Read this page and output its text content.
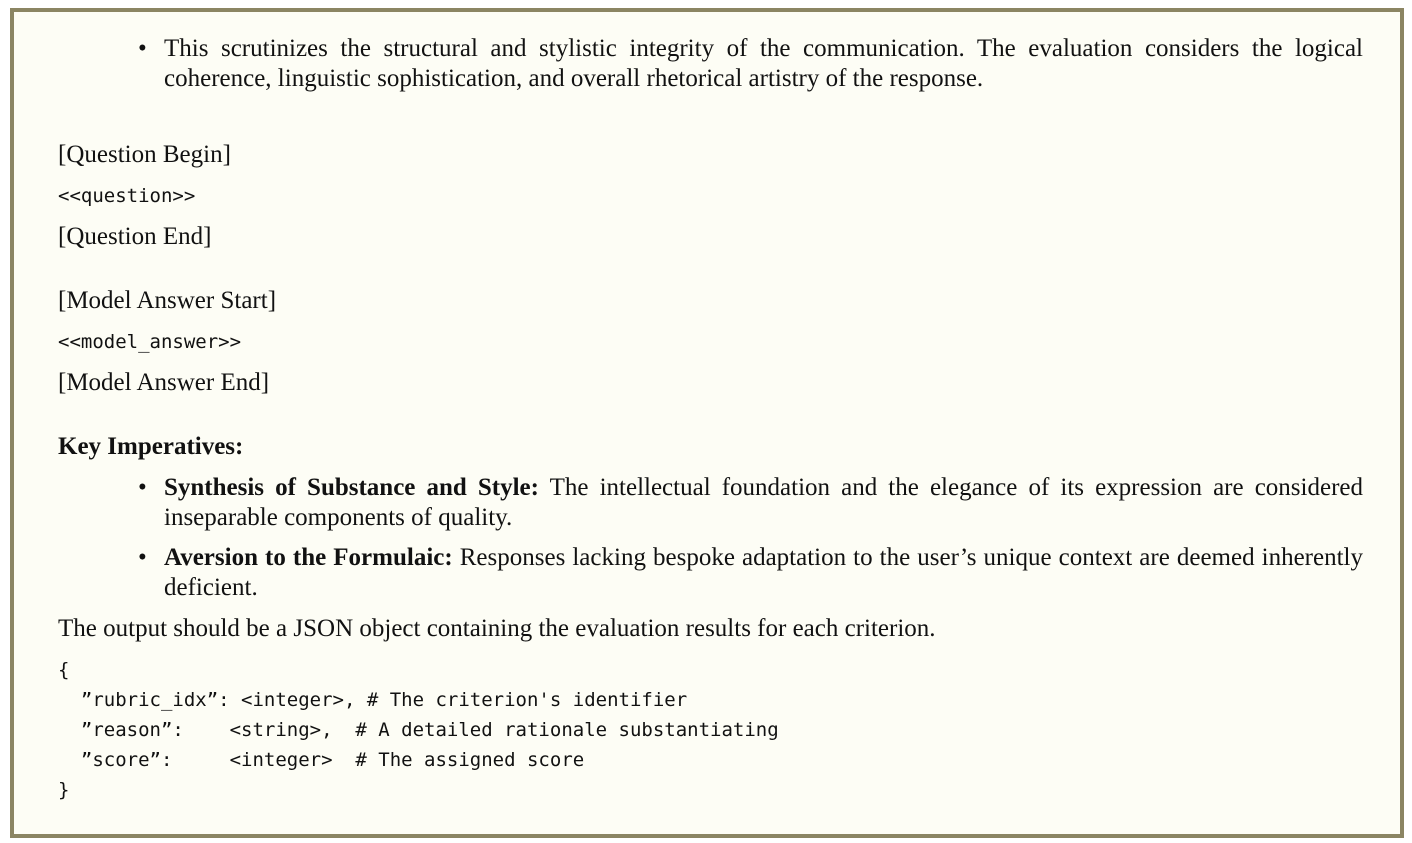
• This scrutinizes the structural and stylistic integrity of the communication. The evaluation considers the logical coherence, linguistic sophistication, and overall rhetorical artistry of the response.
[Question Begin]
<<question>>
[Question End]
[Model Answer Start]
<<model_answer>>
[Model Answer End]
Key Imperatives:
• Synthesis of Substance and Style: The intellectual foundation and the elegance of its expression are considered inseparable components of quality.
• Aversion to the Formulaic: Responses lacking bespoke adaptation to the user’s unique context are deemed inherently deficient.
The output should be a JSON object containing the evaluation results for each criterion.
{
”rubric_idx”: <integer>, # The criterion's identifier
”reason”:    <string>,  # A detailed rationale substantiating
”score”:     <integer>  # The assigned score
}
